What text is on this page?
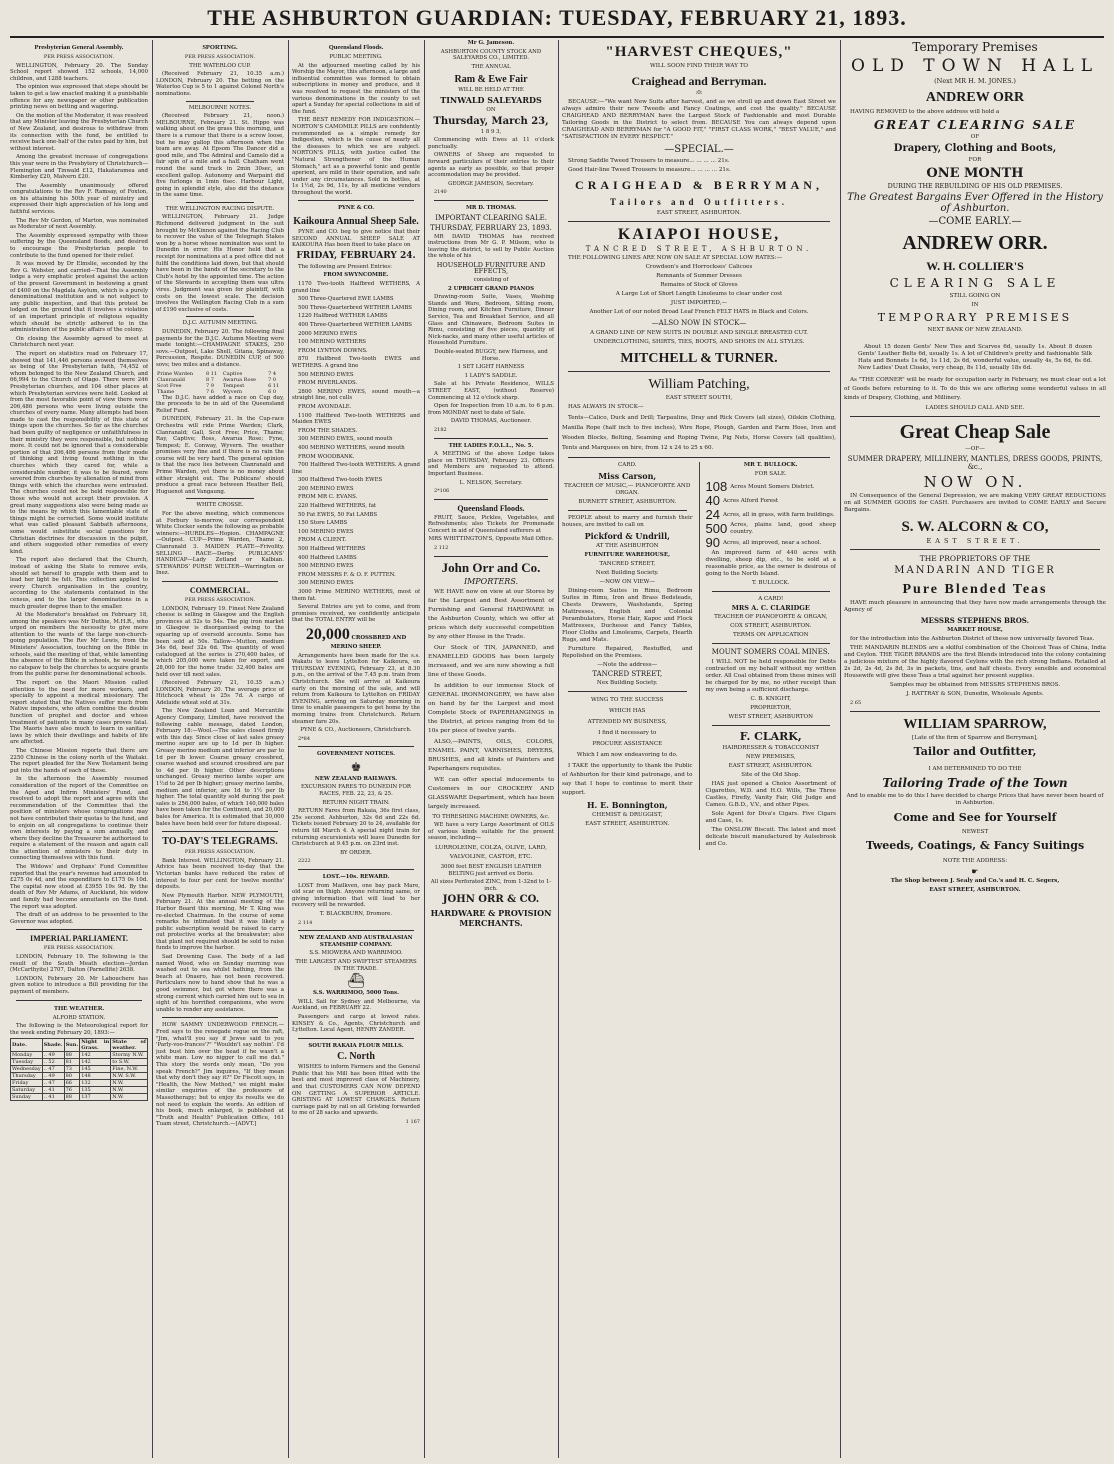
THE ASHBURTON GUARDIAN: TUESDAY, FEBRUARY 21, 1893.
Presbyterian General Assembly.

PER PRESS ASSOCIATION.

WELLINGTON, February 20. The Sunday School report showed 152 schools, 14,000 children, and 1288 teachers.

The opinion was expressed that steps should be taken to get a law enacted making it a punishable offence for any newspaper or other publication printing news on betting and wagering.

On the motion of the Moderator, it was resolved that any Minister leaving the Presbyterian Church of New Zealand, and desirous to withdraw from its connection with the fund, be entitled to receive back one-half of the rates paid by him, but without interest.

Among the greatest increase of congregations this year were in the Presbytery of Christchurch—Flemington and Tinwald £12, Hakataramea and Kimberley £20, Malvern £20.

The Assembly unanimously offered congratulations to the Rev F. Ramsay, of Foxton, on his attaining his 50th year of ministry and expressed their high appreciation of his long and faithful services.

The Rev Mr Gordon, of Marton, was nominated as Moderator of next Assembly.

The Assembly expressed sympathy with those suffering by the Queensland floods, and desired to encourage the Presbyterian people to contribute to the fund opened for their relief.

It was moved by Dr Elmslie, seconded by the Rev G. Webster, and carried—That the Assembly lodge a very emphatic protest against the action of the present Government in bestowing a grant of £400 on the Magdala Asylum, which is a purely denominational institution and is not subject to any public inspection, and that this protest be lodged on the ground that it involves a violation of an important principle of religious equality which should be strictly adhered to in the administration of the public affairs of the colony.

On closing the Assembly agreed to meet at Christchurch next year.

The report on statistics read on February 17, showed that 141,446 persons avowed themselves as being of the Presbyterian faith, 74,452 of whom belonged to the New Zealand Church, and 66,994 to the Church of Otago. There were 246 Presbyterian churches, and 104 other places at which Presbyterian services were held. Looked at from the most favorable point of view there were 206,486 persons who were living outside the churches of every name. Many attempts had been made to cast the responsibility of this state of things upon the churches. So far as the churches had been guilty of negligence or unfaithfulness in their ministry they were responsible, but nothing more. It could not be ignored that a considerable portion of that 206,486 persons from their mode of thinking and living found nothing in the churches which they cared for, while a considerable number, it was to be feared, were severed from churches by alienation of mind from things with which the churches were entrusted. The churches could not be held responsible for those who would not accept their provision. A great many suggestions also were being made as to the means by which this lamentable state of things might be corrected. Some would institute what was called pleasant Sabbath afternoons, some would substitute social questions for Christian doctrines for discussion in the pulpit, and others suggested other remedies of every kind.

The report also declared that the Church, instead of asking the State to remove evils, should set herself to grapple with them and to lead her light be felt. This collection applied to every Church organisation in the country, according to the statements contained in the census, and to the larger denominations in a much greater degree than to the smaller.

At the Moderator's breakfast on February 18, among the speakers was Mr Duthie, M.H.R., who urged on members the necessity to give more attention to the wants of the large non-church-going population. The Rev Mr Lewis, from the Ministers' Association, touching on the Bible in schools, said the meeting of that, while lamenting the absence of the Bible in schools, he would be no catspaw to help the churches to acquire grants from the public purse for denominational schools.

The report on the Maori Mission called attention to the need for more workers, and specially to appoint a medical missionary. The report stated that the Natives suffer much from Native imposters, who often combine the double function of prophet and doctor and whose treatment of patients in many cases proves fatal. The Maoris have also much to learn in sanitary laws by which their dwellings and habits of life are affected.

The Chinese Mission reports that there are 2250 Chinese in the colony north of the Waitaki. The report pleaded for the New Testament being put into the hands of each of these.

In the afternoon the Assembly resumed consideration of the report of the Committee on the Aged and Infirm Ministers' Fund, and resolved to adopt the report and agree with the recommendation of the Committee that the position of ministers whose congregations may not have contributed their quotas to the fund, and to enjoin on all congregations to continue their own interests by paying a sum annually, and where they decline the Treasurer be authorised to require a statement of the reason and again call the attention of ministers to their duty in connecting themselves with this fund.

The Widows' and Orphans' Fund Committee reported that the year's revenue had amounted to £275 0s 4d, and the expenditure to £175 0s 10d. The capital now stood at £3955 19s 9d. By the death of Rev Mr Adams, of Auckland, his widow and family had become annuitants on the fund. The report was adopted.

The draft of an address to be presented to the Governor was adopted.

IMPERIAL PARLIAMENT.

PER PRESS ASSOCIATION.

LONDON, February 19. The following is the result of the South Meath election—Jordan (McCarthyite) 2707, Dalton (Parnellite) 2638.

LONDON, February 20. Mr Labouchere has given notice to introduce a Bill providing for the payment of members.

THE WEATHER.

ALFORD STATION.

The following is the Meteorological report for the week ending February 20, 1893:—

Date.	Shade.	Sun.	Night in Grass.	State of weather.
Monday	.. 49	88	142	Stormy N.W.
Tuesday	.. 52	81	142	to S.W.
Wednesday	.. 47	73	145	Fine, N.W.
Thursday	.. 49	80	148	N.W. S.W.
Friday	.. 47	66	132	N.W.
Saturday	.. 41	76	135	N.W.
Sunday	.. 41	88	137	N.W.
SPORTING.

PER PRESS ASSOCIATION.

THE WATERLOO CUP.

(Received February 21, 10.35 a.m.) LONDON, February 20. The betting on the Waterloo Cup is 5 to 1 against Colonel North's nominations.

MELBOURNE NOTES.

(Received February 21, noon.) MELBOURNE, February 21. St. Hippo was walking about on the grass this morning, and there is a rumour that there is a screw loose, but he may gallop this afternoon when the team are away. At Epsom The Dancer did a good mile, and The Admiral and Camelo did a fair spin of a mile and a half. Chatham went round the sand track in 2min 30sec, an excellent gallop. Autonomy and Warpaint did five furlongs in 1min 6sec. Harbour Light, going in splendid style, also did the distance in the same time.

THE WELLINGTON RACING DISPUTE.

WELLINGTON, February 21. Judge Richmond delivered judgment in the suit brought by McKinnon against the Racing Club to recover the value of the Telegraph Stakes won by a horse whose nomination was sent to Dunedin in error. His Honor held that a receipt for nominations at a post office did not fulfil the conditions laid down, but that should have been in the hands of the secretary to the Club's hotel by the appointed time. The action of the Stewards in accepting them was ultra vires. Judgment was given for plaintiff, with costs on the lowest scale. The decision involves the Wellington Racing Club in a sum of £190 exclusive of costs.

D.J.C. AUTUMN MEETING.

DUNEDIN, February 20. The following final payments for the D.J.C. Autumn Meeting were made tonight:—CHAMPAGNE STAKES, 250 sovs.—Outpost, Lake Shell, Gitana, Spinaway, Percussion, Respite. DUNEDIN CUP, of 500 sovs; two miles and a distance.

Prime Warden	8 11	Captive	7 4
Clanranald	8 7	Awarua Rose	7 0
Scot Free	7 9	Tempest	6 11
Thame	7 6	Wyvern	6 0

The D.J.C. have added a race on Cup day, the proceeds to be in aid of the Queensland Relief Fund.

DUNEDIN, February 21. In the Cup-race Orchestra will ride Prime Warden; Clark, Clanranald; Gall, Scot Free; Price, Thame; Ray, Captive; Ross, Awarua Rose; Fyne, Tempest; E. Conway, Wyvern. The weather promises very fine and if there is no rain the course will be very hard. The general opinion is that the race lies between Clanranald and Prime Warden, yet there is no money about either straight out. The Publicans' should produce a great race between Heather Bell, Huguenot and Vangaung.

WHITE CROSSE.

For the above meeting, which commences at Forbury to-morrow, our correspondent White Clocker sends the following as probable winners:—HURDLES—Hopion. CHAMPAGNE—Outpost. CUP—Prime Warden, Thame 2, Clanranald 3. MAIDEN PLATE—Frivolity. SELLING RACE—Derby. PUBLICANS' HANDICAP—Lady Zetland or Kalbian. STEWARDS' PURSE WELTER—Warrington or Inez.

COMMERCIAL.

PER PRESS ASSOCIATION.

LONDON, February 19. Finest New Zealand cheese is selling in Glasgow and the English provinces at 52s to 54s. The pig iron market in Glasgow is disorganised owing to the squaring up of oversold accounts. Some has been sold at 50s. Tallow—Mutton, medium 34s 6d, beef 32s 6d. The quantity of wool catalogued at the series is 270,400 bales, of which 205,000 were taken for export, and 28,000 for the home trade: 32,400 bales are held over till next sales.

(Received February 21, 10.35 a.m.) LONDON, February 20. The average price of Hitchcock wheat is 25s 7d. A cargo of Adelaide wheat sold at 31s.

The New Zealand Loan and Mercantile Agency Company, Limited, have received the following cable message, dated London, February 18:—Wool.—The sales closed firmly with this day. Since close of last sales greasy merino super are up to 1d per lb higher. Greasy merino medium and inferior are par to 1d per lb lower. Coarse greasy crossbred, coarse washed and scoured crossbred are par to 4d per lb higher. Other descriptions unchanged. Greasy merino lambs super are 1½d to 2d per lb higher; greasy merino lambs, medium and inferior, are 1d to 1½ per lb higher. The total quantity sold during the past sales is 256,000 bales, of which 140,000 bales have been taken for the Continent, and 20,000 bales for America. It is estimated that 30,000 bales have been held over for future disposal.

TO-DAY'S TELEGRAMS.

PER PRESS ASSOCIATION.

Bank Interest. WELLINGTON, February 21. Advice has been received to-day that the Victorian banks have reduced the rates of interest to four per cent for twelve months' deposits.

New Plymouth Harbor. NEW PLYMOUTH, February 21. At the annual meeting of the Harbor Board this morning, Mr T. King was re-elected Chairman. In the course of some remarks he intimated that it was likely a public subscription would be raised to carry out protective works at the breakwater; also that plant not required should be sold to raise funds to improve the harbor.

Sad Drowning Case. The body of a lad named Wood, who on Sunday morning was washed out to sea whilst bathing, from the beach at Onaero, has not been recovered. Particulars now to hand show that he was a good swimmer, but got where there was a strong current which carried him out to sea in sight of his horrified companions, who were unable to render any assistance.

HOW SAMMY UNDERWOOD FRENCH.—Fred says to the renegade rogue on the raft, "Jim, what'll you say if Jewse said to you 'Parly-voo-frances'?" "Wouldn't say nothin'. I'd just bust him over the head if he wasn't a white man. Low no nigger to call me dat." This story the words only mean, "Do you speak French?" Jim inquires, "If they mean that why don't they say it?" Dr Fiscott says, in "Health, the New Method," we might make similar enquiries of the professors of Massotherapy; but to enjoy its results we do not need to explain the words. An edition of his book, much enlarged, is published at "Truth and Health" Publication Office, 161 Tuam street, Christchurch.—[ADVT.]

Queensland Floods.

PUBLIC MEETING.

At the adjourned meeting called by his Worship the Mayor, this afternoon, a large and influential committee was formed to obtain subscriptions in money and produce, and it was resolved to request the ministers of the various denominations in the county to set apart a Sunday for special collections in aid of the fund.

THE BEST REMEDY FOR INDIGESTION.—NORTON'S CAMOMILE PILLS are confidently recommended as a simple remedy for Indigestion, which is the cause of nearly all the diseases to which we are subject. NORTON'S PILLS, with justice called the "Natural Strengthener of the Human Stomach," act as a powerful tonic and gentle aperient, are mild in their operation, and safe under any circumstances. Sold in bottles, at 1s 1½d, 2s 9d, 11s, by all medicine vendors throughout the world.

PYNE & CO.

Kaikoura Annual Sheep Sale.

PYNE and CO. beg to give notice that their SECOND ANNUAL SHEEP SALE AT KAIKOURA Has been fixed to take place on

FRIDAY, FEBRUARY 24.

The following are Present Entries:

FROM SWYNCOMBE.

1170 Two-tooth Halfbred WETHERS, A grand line

500 Three-Quartered EWE LAMBS

500 Three-Quarterbred WETHER LAMBS

1220 Halfbred WETHER LAMBS

400 Three-Quarterbred WETHER LAMBS

2000 MERINO EWES

100 MERINO WETHERS

FROM LYNTON DOWNS.

870 Halfbred Two-tooth EWES and WETHERS. A grand line

500 MERINO EWES

FROM RIVERLANDS.

2800 MERINO EWES, sound mouth—a straight line, not culls

FROM AVONDALE.

1100 Halfbred Two-tooth WETHERS and Maiden EWES

FROM THE SHADES.

300 MERINO EWES, sound mouth

400 MERINO WETHERS, sound mouth

FROM WOODBANK.

700 Halfbred Two-tooth WETHERS. A grand line

300 Halfbred Two-tooth EWES

200 MERINO EWES

FROM MR C. EVANS.

220 Halfbred WETHERS, fat

50 Fat EWES, 50 Fat LAMBS

150 Store LAMBS

100 MERINO EWES

FROM A CLIENT.

500 Halfbred WETHERS

400 Halfbred LAMBS

500 MERINO EWES

FROM MESSRS F. & O. F. PUTTEN.

300 MERINO EWES

3000 Prime MERINO WETHERS, most of them fat.

Several Entries are yet to come, and from promises received, we confidently anticipate that the TOTAL ENTRY will be

20,000 CROSSBRED AND MERINO SHEEP.

Arrangements have been made for the s.s. Wakatu to leave Lyttelton for Kaikoura, on THURSDAY EVENING, February 23, at 8.30 p.m., on the arrival of the 7.45 p.m. train from Christchurch. She will arrive at Kaikoura early on the morning of the sale, and will return from Kaikoura to Lyttelton on FRIDAY EVENING, arriving on Saturday morning in time to enable passengers to get home by the morning trains from Christchurch. Return steamer fare 20s.

PYNE & CO., Auctioneers, Christchurch.

2*84

GOVERNMENT NOTICES.

♚

NEW ZEALAND RAILWAYS.

EXCURSION FARES TO DUNEDIN FOR RACES, FEB. 22, 23, & 25.

RETURN NIGHT TRAIN.

RETURN Fares from Rakaia, 36s first class, 25s second. Ashburton, 32s 6d and 22s 6d. Tickets issued February 20 to 24, available for return till March 4. A special night train for returning excursionists will leave Dunedin for Christchurch at 9.45 p.m. on 23rd inst.

BY ORDER.

2222

LOST.—10s. REWARD.

LOST from Mailkven, one bay pack Mare, old scar on thigh. Anyone returning same, or giving information that will lead to her recovery will be rewarded.

T. BLACKBURN, Dromore.

2 114

NEW ZEALAND AND AUSTRALASIAN STEAMSHIP COMPANY.

S.S. MIOWERA AND WARRIMOO.

THE LARGEST AND SWIFTEST STEAMERS IN THE TRADE.

⛴

S.S. WARRIMOO, 5000 Tons.

WILL Sail for Sydney and Melbourne, via Auckland, on FEBRUARY 22.

Passengers and cargo at lowest rates. KINSEY & Co., Agents, Christchurch and Lyttelton. Local Agent, HENRY ZANDER.

SOUTH RAKAIA FLOUR MILLS.

C. North

WISHES to inform Farmers and the General Public that his Mill has been fitted with the best and most improved class of Machinery, and that CUSTOMERS CAN NOW DEPEND ON GETTING A SUPERIOR ARTICLE. GRISTING AT LOWEST CHARGES. Return carriage paid by rail on all Gristing forwarded to me of 28 sacks and upwards.

1 167

Mr G. Jameson.

ASHBURTON COUNTY STOCK AND SALEYARDS CO., LIMITED.

THE ANNUAL

Ram & Ewe Fair

WILL BE HELD AT THE

TINWALD SALEYARDS

ON

Thursday, March 23,

1 8 9 3,

Commencing with Ewes at 11 o'clock punctually.

OWNERS of Sheep are requested to forward particulars of their entries to their agents as early as possible, so that proper accommodation may be provided.

GEORGE JAMESON, Secretary.

2140

MR D. THOMAS.

IMPORTANT CLEARING SALE.

THURSDAY, FEBRUARY 23, 1893.

MR DAVID THOMAS has received instructions from Mr G. P. Milsom, who is leaving the district, to sell by Public Auction the whole of his

HOUSEHOLD FURNITURE AND EFFECTS,

consisting of

2 UPRIGHT GRAND PIANOS

Drawing-room Suite, Vases, Washing Stands and Ware, Bedroom, Sitting room, Dining room, and Kitchen Furniture, Dinner Service, Tea and Breakfast Service, and all Glass and Chinaware, Bedroom Suites in Rimu, consisting of five pieces, quantity of Nick-nacks, and many other useful articles of Household Furniture.

Double-seated BUGGY, new Harness, and Horse.

1 SET LIGHT HARNESS

1 LADY'S SADDLE.

Sale at his Private Residence, WILLS STREET EAST, (without Reserve) Commencing at 12 o'clock sharp.

Open for Inspection from 10 a.m. to 6 p.m. from MONDAY next to date of Sale.

DAVID THOMAS, Auctioneer.

2182

THE LADIES F.O.L.L., No. 5.

A MEETING of the above Lodge takes place on THURSDAY, February 23. Officers and Members are requested to attend. Important Business.

L. NELSON, Secretary.

2*106

Queensland Floods.

FRUIT, Sauce, Pickles, Vegetables, and Refreshments; also Tickets for Promenade Concert in aid of Queensland sufferers at

MRS WHITTINGTON'S, Opposite Mail Office.

2 112

John Orr and Co.

IMPORTERS.

WE HAVE now on view at our Stores by far the Largest and Best Assortment of Furnishing and General HARDWARE in the Ashburton County, which we offer at prices which defy successful competition by any other House in the Trade.

Our Stock of TIN, JAPANNED, and ENAMELLED GOODS has been largely increased, and we are now showing a full line of these Goods.

In addition to our immense Stock of GENERAL IRONMONGERY, we have also on hand by far the Largest and most Complete Stock of PAPERHANGINGS in the District, at prices ranging from 6d to 10s per piece of twelve yards.

ALSO,—PAINTS, OILS, COLORS, ENAMEL PAINT, VARNISHES, DRYERS, BRUSHES, and all kinds of Painters and Paperhangers requisites.

WE can offer special inducements to Customers in our CROCKERY AND GLASSWARE Department, which has been largely increased.

TO THRESHING MACHINE OWNERS, &c.

WE have a very Large Assortment of OILS of various kinds suitable for the present season, including—

LURROLEINE, COLZA, OLIVE, LARD, VALVOLINE, CASTOR, ETC.

3000 feet BEST ENGLISH LEATHER BELTING just arrived ex Dorio.

All sizes Perforated ZINC, from 1-32nd to 1-inch.

JOHN ORR & CO.

HARDWARE & PROVISION MERCHANTS.

"HARVEST CHEQUES,"

WILL SOON FIND THEIR WAY TO

Craighead and Berryman.

:0:

BECAUSE:—"We want New Suits after harvest, and as we stroll up and down East Street we always admire their new Tweeds and Fancy Coatings, and cost the quality." BECAUSE CRAIGHEAD AND BERRYMAN have the Largest Stock of Fashionable and most Durable Tailoring Goods in the District to select from. BECAUSE You can always depend upon CRAIGHEAD AND BERRYMAN for "A GOOD FIT," "FIRST CLASS WORK," "BEST VALUE," and "SATISFACTION IN EVERY RESPECT."

—SPECIAL.—

Strong Saddle Tweed Trousers to measure... ... ... ... 21s.

Good Hair-line Tweed Trousers to measure... ... ... ... 21s.

CRAIGHEAD & BERRYMAN,
Tailors and Outfitters.

EAST STREET, ASHBURTON.

KAIAPOI HOUSE,

TANCRED STREET, ASHBURTON.

THE FOLLOWING LINES ARE NOW ON SALE AT SPECIAL LOW RATES:—

Crowdson's and Horrockses' Calicoes

Remnants of Summer Dresses

Remains of Stock of Gloves

A Large Lot of Short Length Linoleums to clear under cost

JUST IMPORTED,—

Another Lot of our noted Broad Leaf French FELT HATS in Black and Colors.

—ALSO NOW IN STOCK—

A GRAND LINE OF NEW SUITS IN DOUBLE AND SINGLE BREASTED CUT.

UNDERCLOTHING, SHIRTS, TIES, BOOTS, AND SHOES IN ALL STYLES.

MITCHELL & TURNER.
William Patching,

EAST STREET SOUTH,

HAS ALWAYS IN STOCK—

Tents—Calico, Duck and Drill; Tarpaulins, Dray and Rick Covers (all sizes), Oilskin Clothing, Manilla Rope (half inch to five inches), Wire Rope, Plough, Garden and Farm Hose, Iron and Wooden Blocks, Belting, Seaming and Roping Twine, Pig Nets, Horse Covers (all qualities), Tents and Marquees on hire, from 12 x 24 to 25 x 60.

CARD.

Miss Carson,

TEACHER OF MUSIC,— PIANOFORTE AND ORGAN.

BURNETT STREET, ASHBURTON.

PEOPLE about to marry and furnish their houses, are invited to call on

Pickford & Undrill,

AT THE ASHBURTON

FURNITURE WAREHOUSE,

TANCRED STREET,

Next Building Society.

—NOW ON VIEW—

Dining-room Suites in Rimu, Bedroom Suites in Rimu, Iron and Brass Bedsteads, Chests Drawers, Washstands, Spring Mattresses, English and Colonial Perambulators, Horse Hair, Kapoc and Flock Mattresses, Duchesse and Fancy Tables, Floor Cloths and Linoleums, Carpets, Hearth Rugs, and Mats.

Furniture Repaired, Restuffed, and Repolished on the Premises.

—Note the address—

TANCRED STREET,

Nex Building Society.

WING TO THE SUCCESS

WHICH HAS

ATTENDED MY BUSINESS,

I find it necessary to

PROCURE ASSISTANCE

Which I am now endeavoring to do.

I TAKE the opportunity to thank the Public of Ashburton for their kind patronage, and to say that I hope to continue to merit their support.

H. E. Bonnington,

CHEMIST & DRUGGIST,

EAST STREET, ASHBURTON.

MR T. BULLOCK.

FOR SALE.

108 Acres Mount Somers District.
40 Acres Alford Forest
24 Acres, all in grass, with farm buildings.
500 Acres, plains land, good sheep country.
90 Acres, all improved, near a school.

An improved farm of 440 acres with dwelling, sheep dip, etc., to be sold at a reasonable price, as the owner is desirous of going to the North Island.

T. BULLOCK.

A CARD!

MRS A. C. CLARIDGE

TEACHER OF PIANOFORTE & ORGAN,

COX STREET, ASHBURTON.

TERMS ON APPLICATION

MOUNT SOMERS COAL MINES.

I WILL NOT be held responsible for Debts contracted on my behalf without my written order. All Coal obtained from these mines will be charged for by me, no other receipt than my own being a sufficient discharge.

C. B. KNIGHT,

PROPRIETOR,

WEST STREET, ASHBURTON

F. CLARK,

HAIRDRESSER & TOBACCONIST

NEW PREMISES,

EAST STREET, ASHBURTON.

Site of the Old Shop.

HAS just opened a Choice Assortment of Cigarettes, W.D. and H.O. Wills, The Three Castles, Firefly, Vanity Fair, Old Judge and Cameo. G.B.D., V.V., and other Pipes.

Sole Agent for Diva's Cigars. Five Cigars and Case, 1s.

The ONSLOW Biscuit. The latest and most delicate biscuit manufactured by Aulsebrook and Co.

Temporary Premises

OLD TOWN HALL

(Next MR H. M. JONES.)

ANDREW ORR

HAVING REMOVED to the above address will hold a

GREAT CLEARING SALE

OF

Drapery, Clothing and Boots,

FOR

ONE MONTH

DURING THE REBUILDING OF HIS OLD PREMISES.

The Greatest Bargains Ever Offered in the History of Ashburton.

—COME EARLY.—

ANDREW ORR.
W. H. COLLIER'S

CLEARING SALE

STILL GOING ON

IN

TEMPORARY PREMISES

NEXT BANK OF NEW ZEALAND.

About 15 dozen Gents' New Ties and Scarves 6d, usually 1s. About 8 dozen Gents' Leather Belts 6d, usually 1s. A lot of Children's pretty and fashionable Silk Hats and Bonnets 1s 6d, 1s 11d, 2s 6d, wonderful value, usually 4s, 5s 6d, 6s 6d. New Ladies' Dust Cloaks, very cheap, 8s 11d, usually 18s 6d.

As "THE CORNER" will be ready for occupation early in February, we must clear out a lot of Goods before returning to it. To do this we are offering some wonderful values in all kinds of Drapery, Clothing, and Millinery.

LADIES SHOULD CALL AND SEE.

Great Cheap Sale

—OF—

SUMMER DRAPERY, MILLINERY, MANTLES, DRESS GOODS, PRINTS, &c.,

NOW ON.

IN Consequence of the General Depression, we are making VERY GREAT REDUCTIONS on all SUMMER GOODS for CASH. Purchasers are invited to COME EARLY and Secure Bargains.

S. W. ALCORN & CO,

EAST STREET.

THE PROPRIETORS OF THE

MANDARIN AND TIGER

Pure Blended Teas

HAVE much pleasure in announcing that they have now made arrangements through the Agency of

MESSRS STEPHENS BROS.

MARKET HOUSE,

for the introduction into the Ashburton District of these now universally favored Teas.

THE MANDARIN BLENDS are a skilful combination of the Choicest Teas of China, India and Ceylon. THE TIGER BRANDS are the first Blends introduced into the colony containing a judicious mixture of the highly flavored Ceylons with the rich strong Indians. Retailed at 2s 2d, 2s 4d, 2s 8d, 3s in packets, tins, and half chests. Every sensible and economical Housewife will give these Teas a trial against her present supplies.

Samples may be obtained from MESSRS STEPHENS BROS.

J. RATTRAY & SON, Dunedin, Wholesale Agents.

2 65

WILLIAM SPARROW,

[Late of the firm of Sparrow and Berryman],

Tailor and Outfitter,

I AM DETERMINED TO DO THE

Tailoring Trade of the Town

And to enable me to do this I have decided to charge Prices that have never been heard of in Ashburton.

Come and See for Yourself

NEWEST

Tweeds, Coatings, & Fancy Suitings

NOTE THE ADDRESS:

☛

The Shop between J. Sealy and Co.'s and H. C. Segers,

EAST STREET, ASHBURTON.
